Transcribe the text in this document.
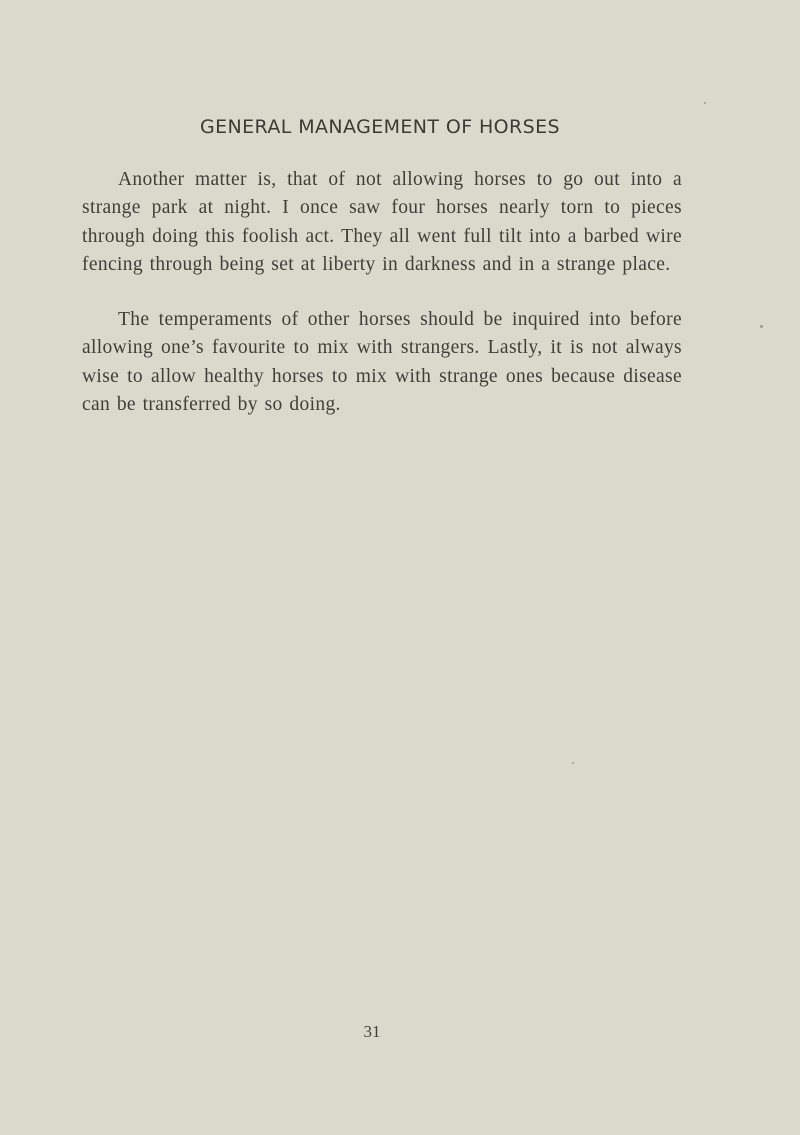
GENERAL MANAGEMENT OF HORSES

Another matter is, that of not allowing horses to go out into a strange park at night. I once saw four horses nearly torn to pieces through doing this foolish act. They all went full tilt into a barbed wire fencing through being set at liberty in darkness and in a strange place.

The temperaments of other horses should be inquired into before allowing one’s favourite to mix with strangers. Lastly, it is not always wise to allow healthy horses to mix with strange ones because disease can be transferred by so doing.

31
